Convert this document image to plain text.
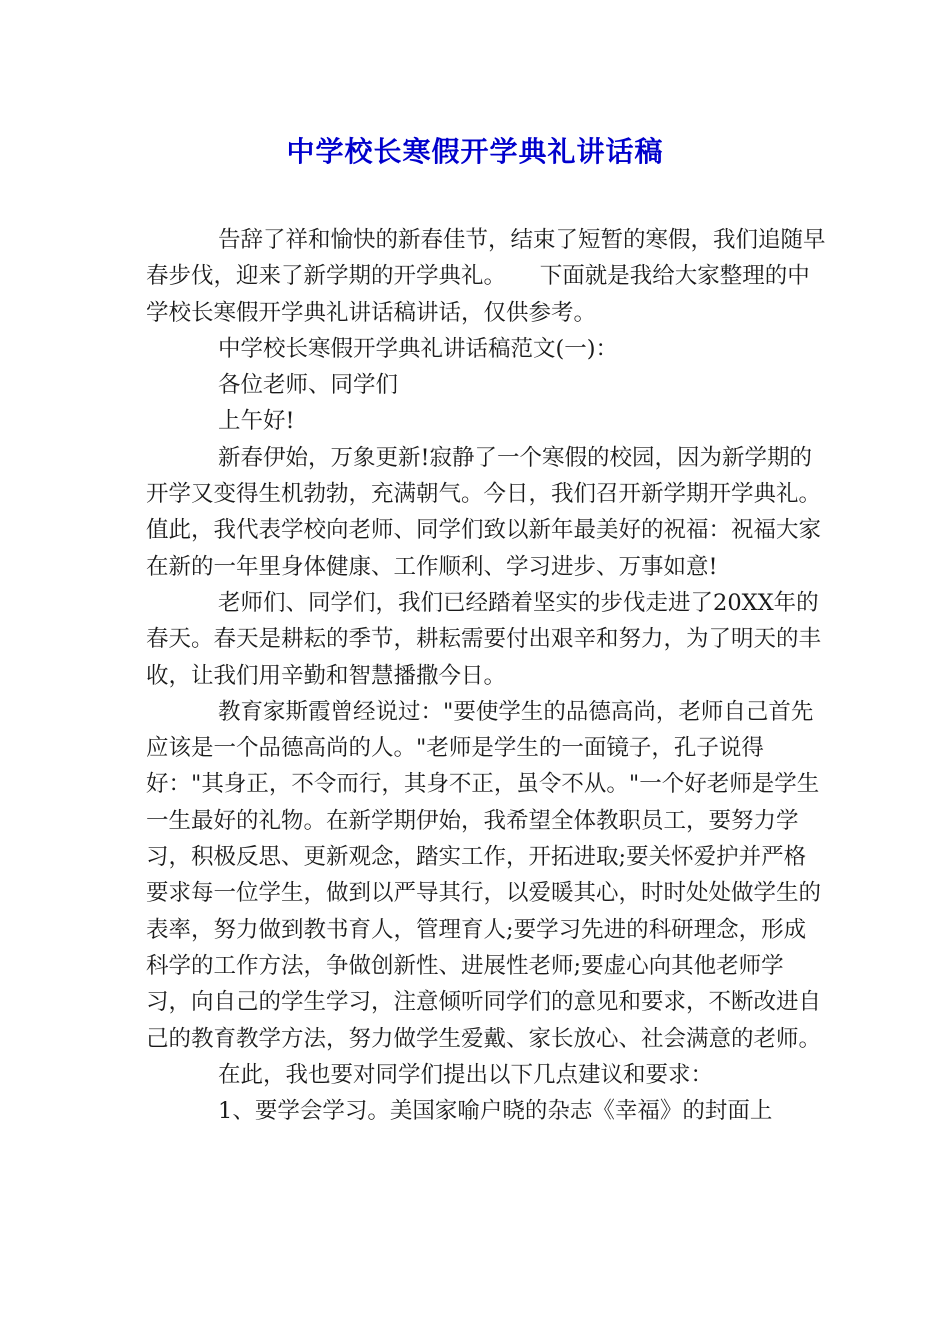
中学校长寒假开学典礼讲话稿

告辞了祥和愉快的新春佳节，结束了短暂的寒假，我们追随早春步伐，迎来了新学期的开学典礼。　　下面就是我给大家整理的中学校长寒假开学典礼讲话稿讲话，仅供参考。

中学校长寒假开学典礼讲话稿范文(一)：

各位老师、同学们

上午好!

新春伊始，万象更新!寂静了一个寒假的校园，因为新学期的开学又变得生机勃勃，充满朝气。今日，我们召开新学期开学典礼。值此，我代表学校向老师、同学们致以新年最美好的祝福：祝福大家在新的一年里身体健康、工作顺利、学习进步、万事如意!

老师们、同学们，我们已经踏着坚实的步伐走进了20XX年的春天。春天是耕耘的季节，耕耘需要付出艰辛和努力，为了明天的丰收，让我们用辛勤和智慧播撒今日。

教育家斯霞曾经说过："要使学生的品德高尚，老师自己首先应该是一个品德高尚的人。"老师是学生的一面镜子，孔子说得好："其身正，不令而行，其身不正，虽令不从。"一个好老师是学生一生最好的礼物。在新学期伊始，我希望全体教职员工，要努力学习，积极反思、更新观念，踏实工作，开拓进取;要关怀爱护并严格要求每一位学生，做到以严导其行，以爱暖其心，时时处处做学生的表率，努力做到教书育人，管理育人;要学习先进的科研理念，形成科学的工作方法，争做创新性、进展性老师;要虚心向其他老师学习，向自己的学生学习，注意倾听同学们的意见和要求，不断改进自己的教育教学方法，努力做学生爱戴、家长放心、社会满意的老师。

在此，我也要对同学们提出以下几点建议和要求：

1、要学会学习。美国家喻户晓的杂志《幸福》的封面上
